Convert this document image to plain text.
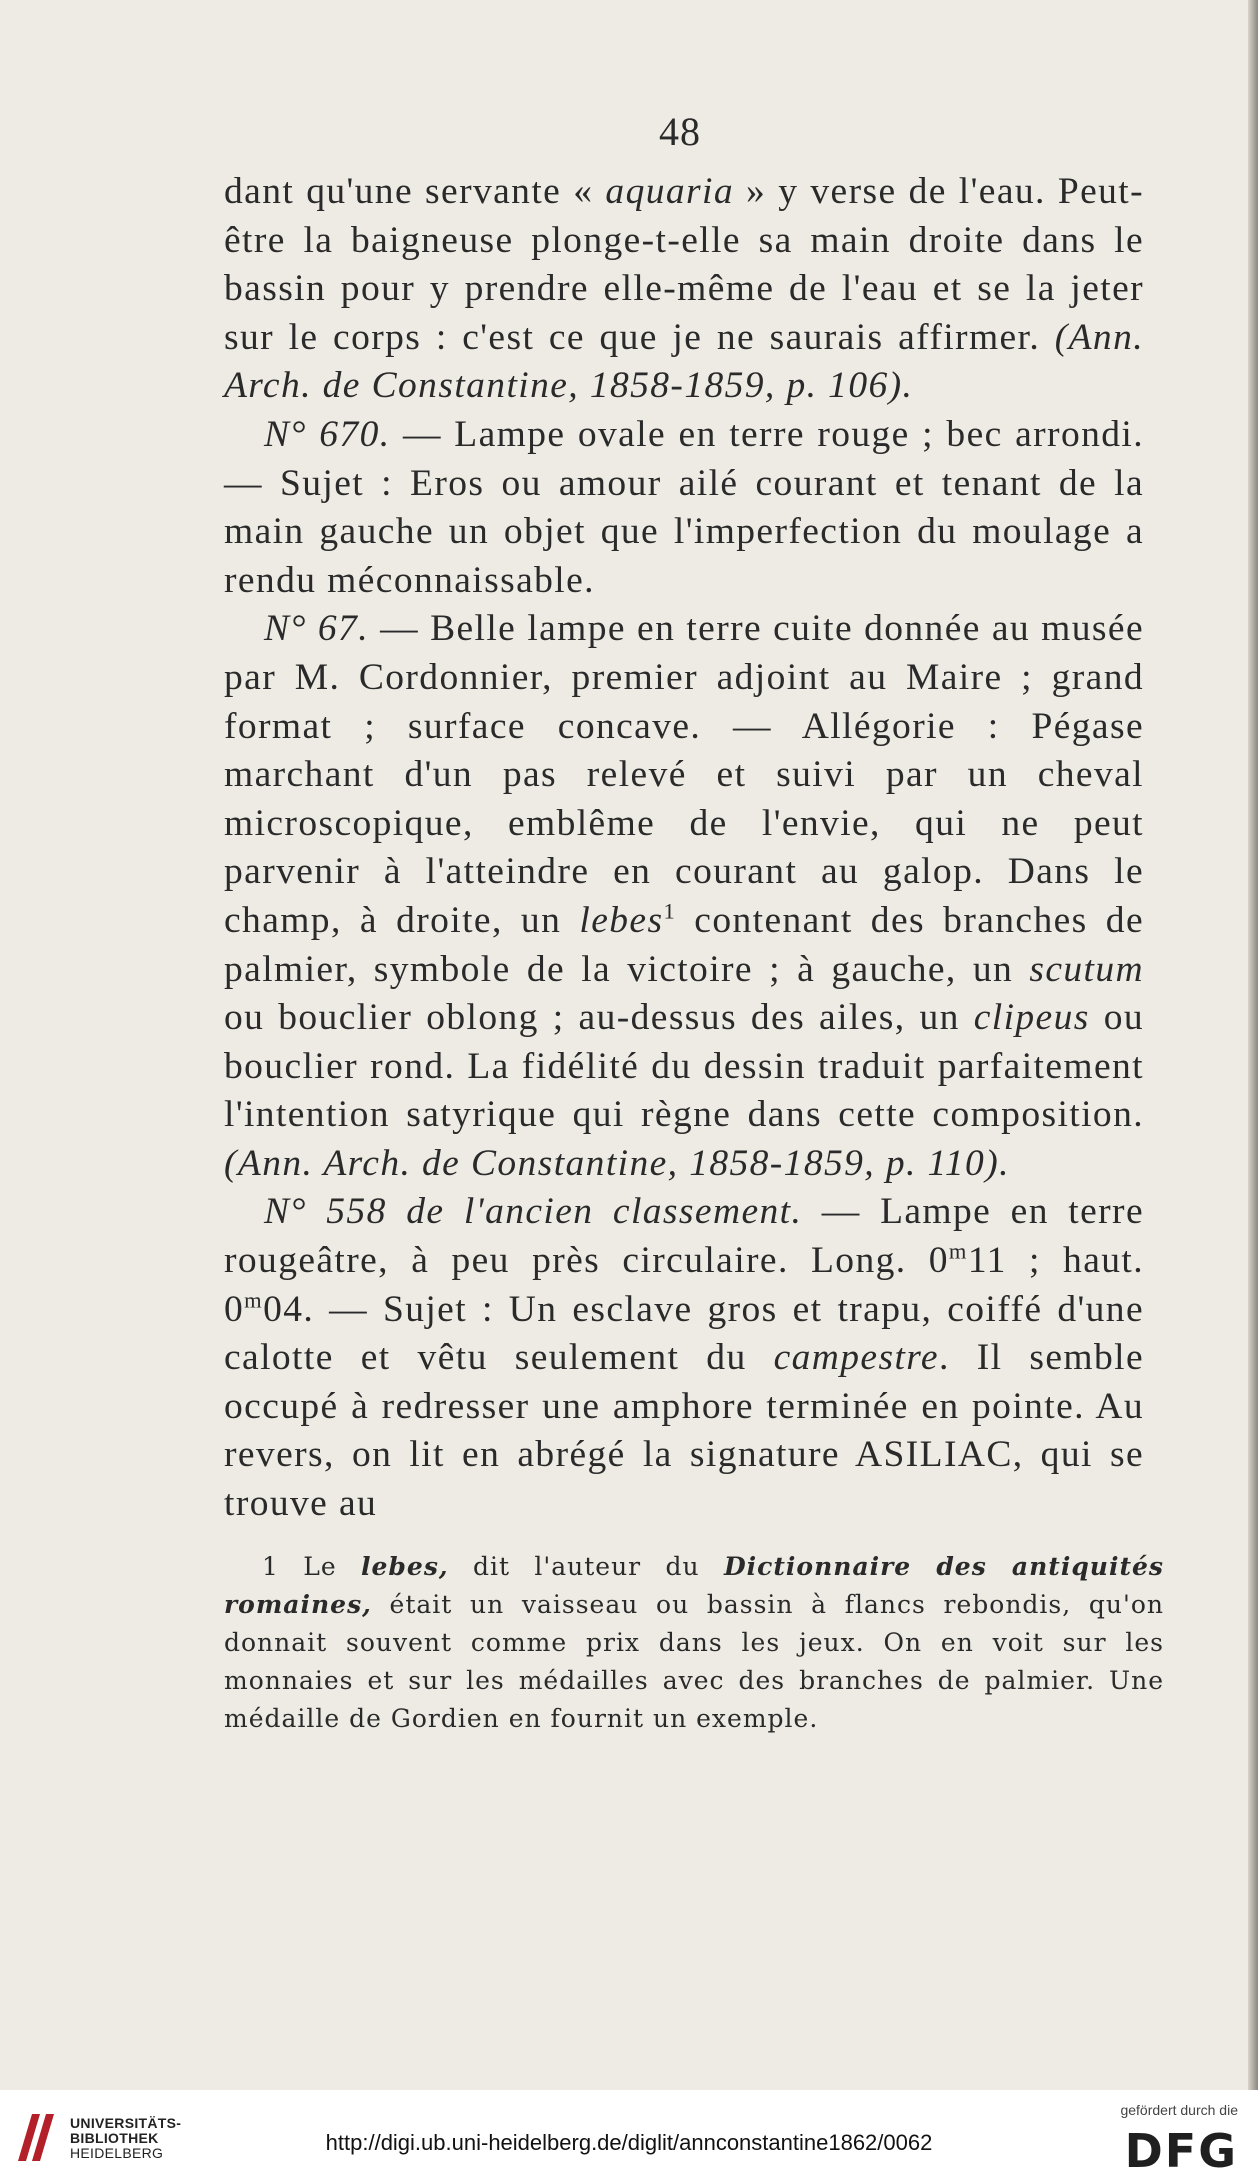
48

dant qu'une servante « aquaria » y verse de l'eau. Peut-être la baigneuse plonge-t-elle sa main droite dans le bassin pour y prendre elle-même de l'eau et se la jeter sur le corps : c'est ce que je ne saurais affirmer. (Ann. Arch. de Constantine, 1858-1859, p. 106).

N° 670. — Lampe ovale en terre rouge ; bec arrondi. — Sujet : Eros ou amour ailé courant et tenant de la main gauche un objet que l'imperfection du moulage a rendu méconnaissable.

N° 67. — Belle lampe en terre cuite donnée au musée par M. Cordonnier, premier adjoint au Maire ; grand format ; surface concave. — Allégorie : Pégase marchant d'un pas relevé et suivi par un cheval microscopique, emblême de l'envie, qui ne peut parvenir à l'atteindre en courant au galop. Dans le champ, à droite, un lebes$^1$ contenant des branches de palmier, symbole de la victoire ; à gauche, un scutum ou bouclier oblong ; au-dessus des ailes, un clipeus ou bouclier rond. La fidélité du dessin traduit parfaitement l'intention satyrique qui règne dans cette composition. (Ann. Arch. de Constantine, 1858-1859, p. 110).

N° 558 de l'ancien classement. — Lampe en terre rougeâtre, à peu près circulaire. Long. 0$^m$11 ; haut. 0$^m$04. — Sujet : Un esclave gros et trapu, coiffé d'une calotte et vêtu seulement du campestre. Il semble occupé à redresser une amphore terminée en pointe. Au revers, on lit en abrégé la signature ASILIAC, qui se trouve au

1 Le lebes, dit l'auteur du Dictionnaire des antiquités romaines, était un vaisseau ou bassin à flancs rebondis, qu'on donnait souvent comme prix dans les jeux. On en voit sur les monnaies et sur les médailles avec des branches de palmier. Une médaille de Gordien en fournit un exemple.

UNIVERSITÄTS-
BIBLIOTHEK
HEIDELBERG	http://digi.ub.uni-heidelberg.de/diglit/annconstantine1862/0062
gefördert durch die
DFG
